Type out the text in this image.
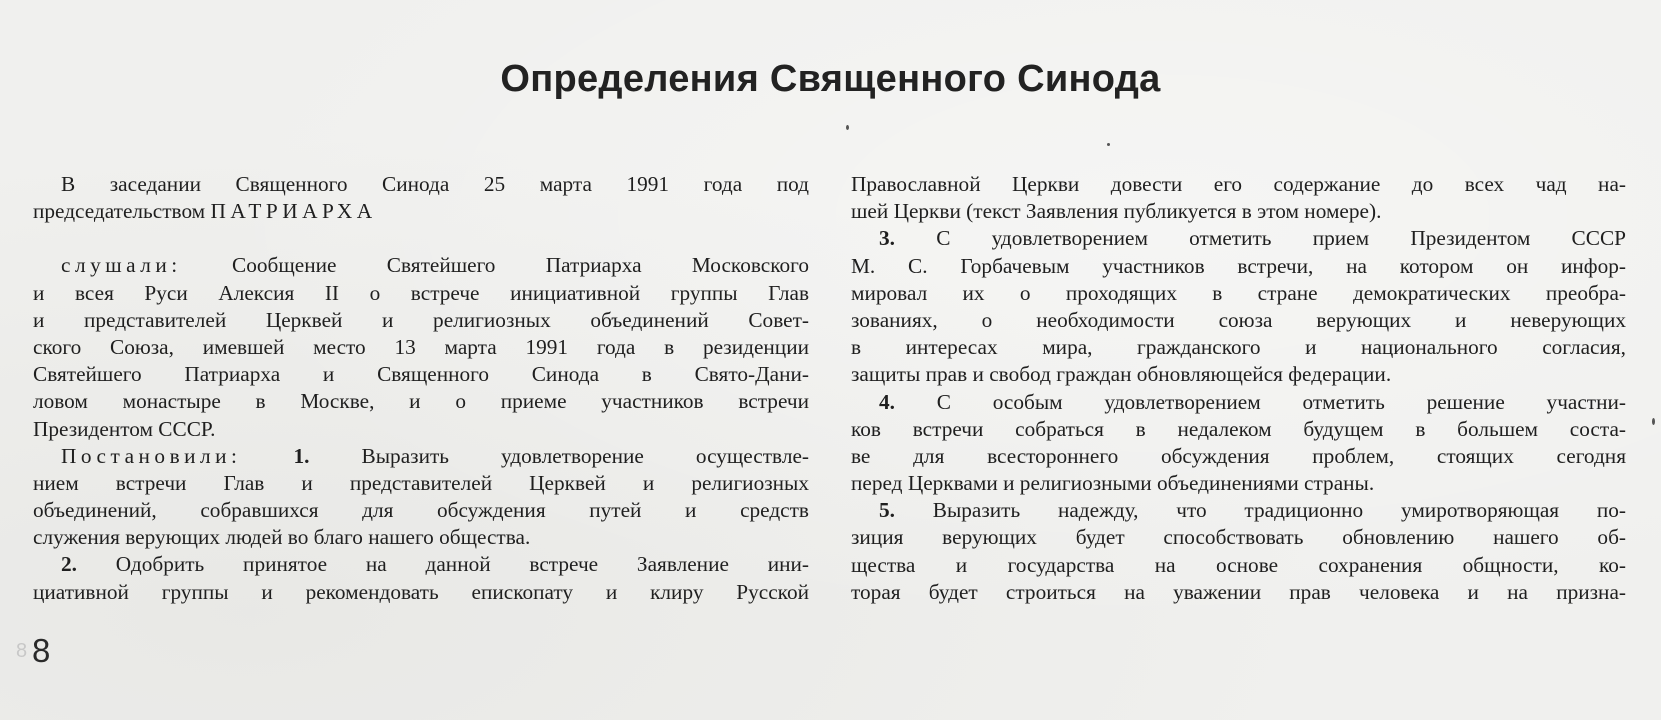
Определения Священного Синода
В заседании Священного Синода 25 марта 1991 года под
председательством ПАТРИАРХА
слушали: Сообщение Святейшего Патриарха Московского
и всея Руси Алексия II о встрече инициативной группы Глав
и представителей Церквей и религиозных объединений Совет-
ского Союза, имевшей место 13 марта 1991 года в резиденции
Святейшего Патриарха и Священного Синода в Свято-Дани-
ловом монастыре в Москве, и о приеме участников встречи
Президентом СССР.
Постановили: 1. Выразить удовлетворение осуществле-
нием встречи Глав и представителей Церквей и религиозных
объединений, собравшихся для обсуждения путей и средств
служения верующих людей во благо нашего общества.
2. Одобрить принятое на данной встрече Заявление ини-
циативной группы и рекомендовать епископату и клиру Русской
Православной Церкви довести его содержание до всех чад на-
шей Церкви (текст Заявления публикуется в этом номере).
3. С удовлетворением отметить прием Президентом СССР
М. С. Горбачевым участников встречи, на котором он инфор-
мировал их о проходящих в стране демократических преобра-
зованиях, о необходимости союза верующих и неверующих
в интересах мира, гражданского и национального согласия,
защиты прав и свобод граждан обновляющейся федерации.
4. С особым удовлетворением отметить решение участни-
ков встречи собраться в недалеком будущем в большем соста-
ве для всестороннего обсуждения проблем, стоящих сегодня
перед Церквами и религиозными объединениями страны.
5. Выразить надежду, что традиционно умиротворяющая по-
зиция верующих будет способствовать обновлению нашего об-
щества и государства на основе сохранения общности, ко-
торая будет строиться на уважении прав человека и на призна-
8 8
